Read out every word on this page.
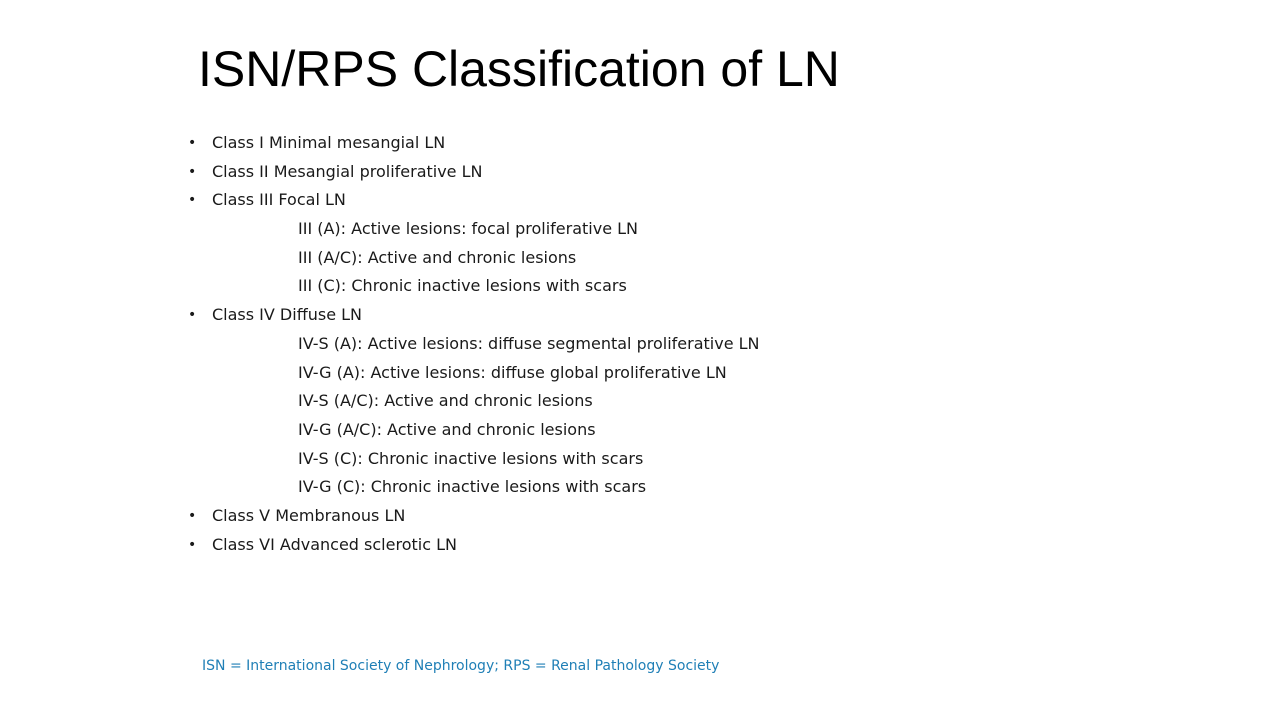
ISN/RPS Classification of LN
• Class I Minimal mesangial LN
• Class II Mesangial proliferative LN
• Class III Focal LN
III (A): Active lesions: focal proliferative LN
III (A/C): Active and chronic lesions
III (C): Chronic inactive lesions with scars
• Class IV Diffuse LN
IV-S (A): Active lesions: diffuse segmental proliferative LN
IV-G (A): Active lesions: diffuse global proliferative LN
IV-S (A/C): Active and chronic lesions
IV-G (A/C): Active and chronic lesions
IV-S (C): Chronic inactive lesions with scars
IV-G (C): Chronic inactive lesions with scars
• Class V Membranous LN
• Class VI Advanced sclerotic LN

ISN = International Society of Nephrology; RPS = Renal Pathology Society
